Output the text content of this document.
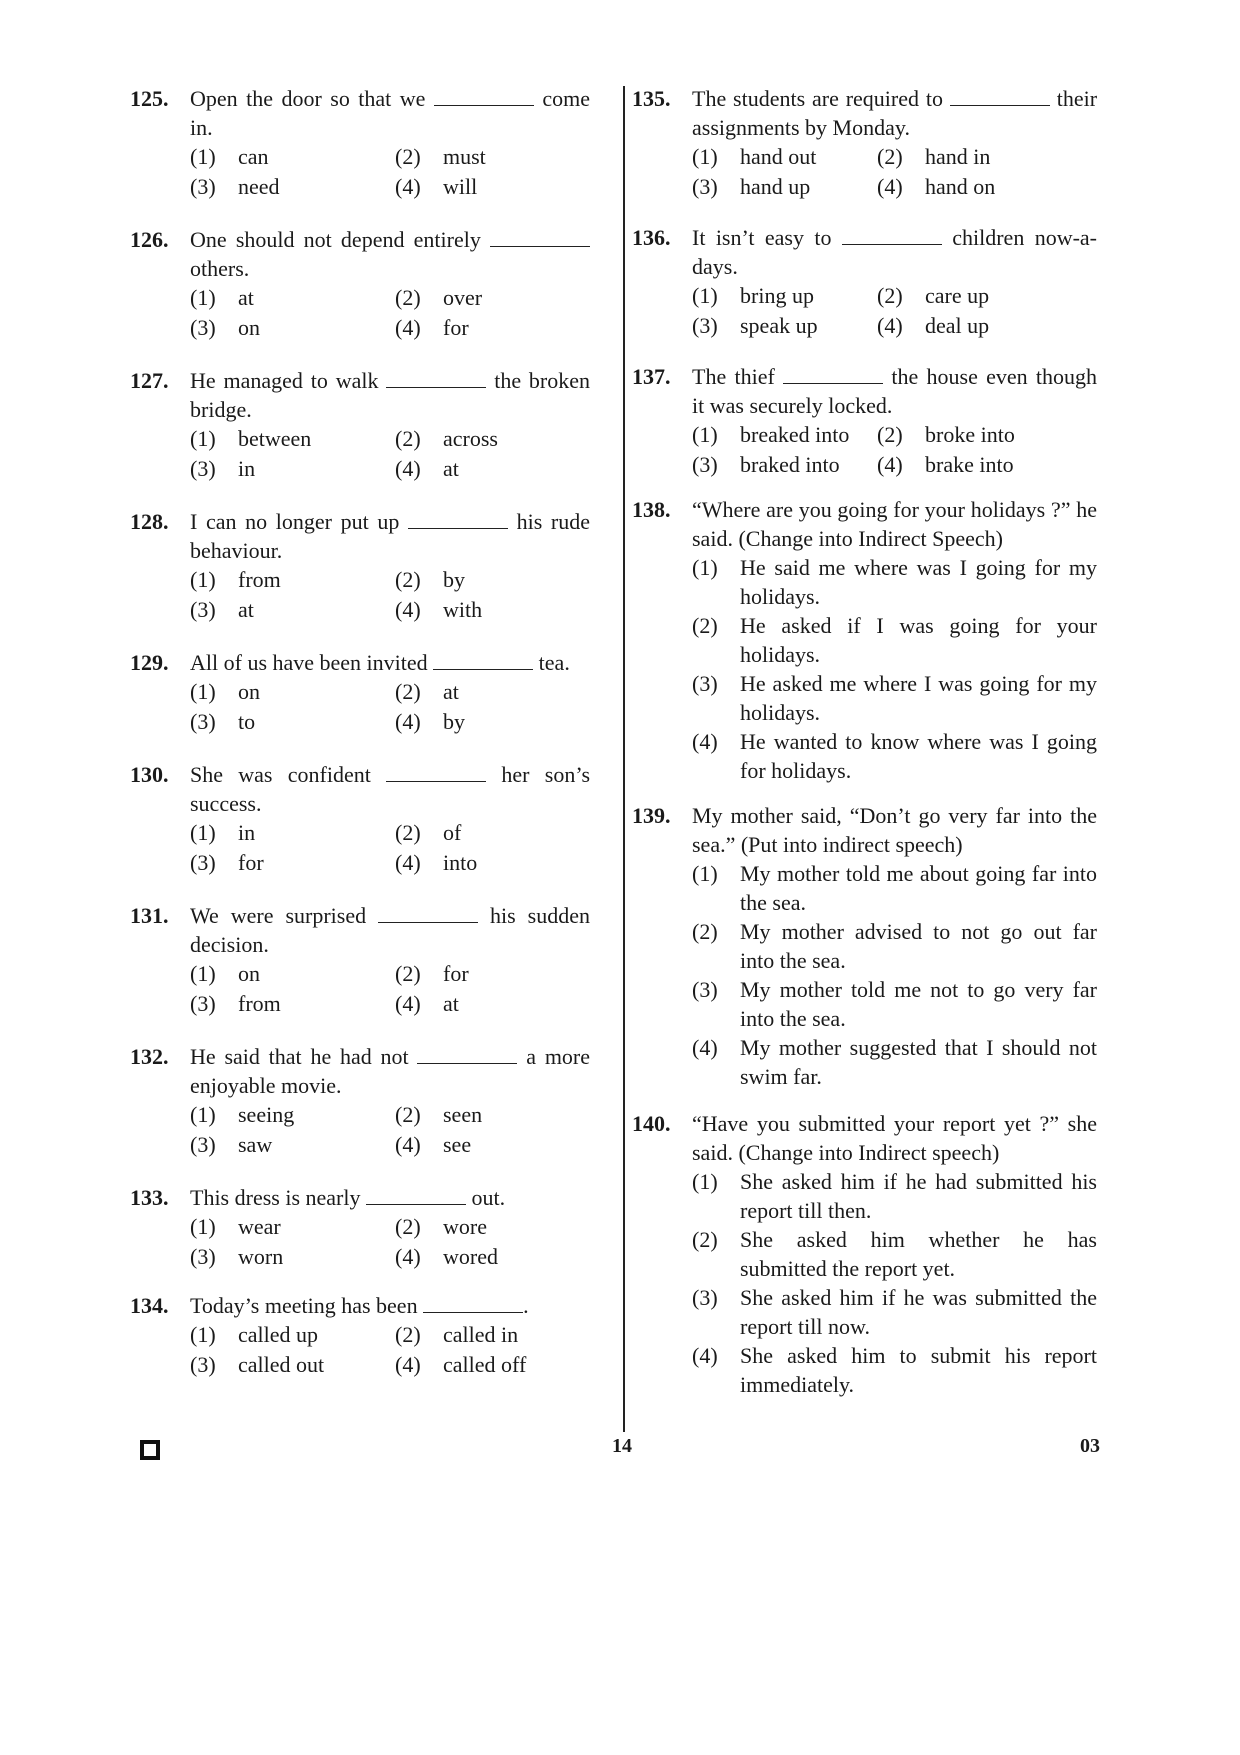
125. Open the door so that we	come in.
(1)	can	(2)	must
(3)	need	(4)	will
126. One should not depend entirely  others.
(1)	at	(2)	over
(3)	on	(4)	for
127. He managed to walk	the broken bridge.
(1)	between	(2)	across
(3)	in	(4)	at
128. I can no longer put up	his rude behaviour.
(1)	from	(2)	by
(3)	at	(4)	with
129. All of us have been invited	tea.
(1)	on	(2)	at
(3)	to	(4)	by
130. She was confident	her son’s success.
(1)	in	(2)	of
(3)	for	(4)	into
131. We were surprised	his sudden decision.
(1)	on	(2)	for
(3)	from	(4)	at
132. He said that he had not	a more enjoyable movie.
(1)	seeing	(2)	seen
(3)	saw	(4)	see
133. This dress is nearly	out.
(1)	wear	(2)	wore
(3)	worn	(4)	wored
134. Today’s meeting has been	.
(1)	called up	(2)	called in
(3)	called out	(4)	called off
135. The students are required to	their assignments by Monday.
(1)	hand out	(2)	hand in
(3)	hand up	(4)	hand on
136. It isn’t easy to	children now-a-days.
(1)	bring up	(2)	care up
(3)	speak up	(4)	deal up
137. The thief	the house even though it was securely locked.
(1)	breaked into	(2)	broke into
(3)	braked into	(4)	brake into
138. “Where are you going for your holidays ?” he said. (Change into Indirect Speech)
(1)	He said me where was I going for my holidays.
(2)	He asked if I was going for your holidays.
(3)	He asked me where I was going for my holidays.
(4)	He wanted to know where was I going for holidays.
139. My mother said, “Don’t go very far into the sea.” (Put into indirect speech)
(1)	My mother told me about going far into the sea.
(2)	My mother advised to not go out far into the sea.
(3)	My mother told me not to go very far into the sea.
(4)	My mother suggested that I should not swim far.
140. “Have you submitted your report yet ?” she said. (Change into Indirect speech)
(1)	She asked him if he had submitted his report till then.
(2)	She asked him whether he has submitted the report yet.
(3)	She asked him if he was submitted the report till now.
(4)	She asked him to submit his report immediately.
14	03
